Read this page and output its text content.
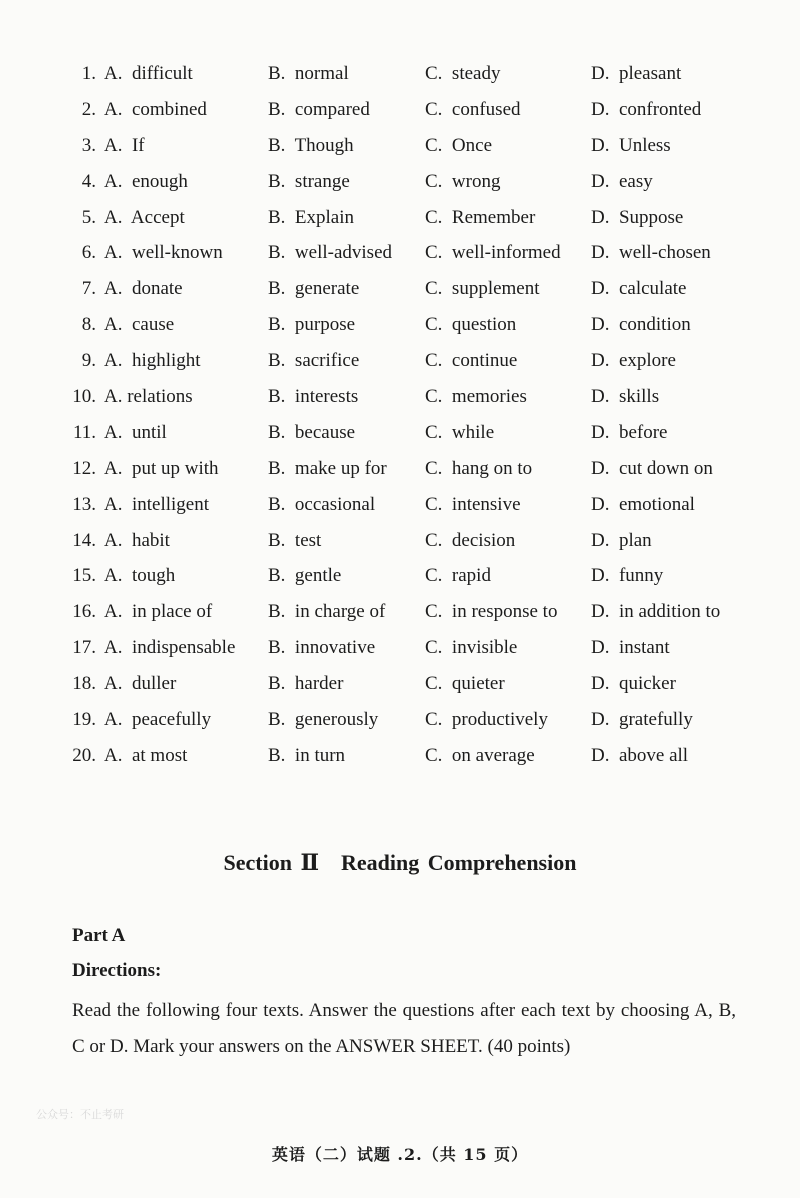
1. A.  difficult	B.  normal	C.  steady	D.  pleasant
2. A.  combined	B.  compared	C.  confused	D.  confronted
3. A.  If	B.  Though	C.  Once	D.  Unless
4. A.  enough	B.  strange	C.  wrong	D.  easy
5. A.  Accept	B.  Explain	C.  Remember	D.  Suppose
6. A.  well-known B.  well-advised C.  well-informed D.  well-chosen
7. A.  donate	B.  generate	C.  supplement	D.  calculate
8. A.  cause	B.  purpose	C.  question	D.  condition
9. A.  highlight	B.  sacrifice	C.  continue	D.  explore
10. A. relations	B.  interests	C.  memories	D.  skills
11. A.  until	B.  because	C.  while	D.  before
12. A.  put up with	B.  make up for C.  hang on to	D.  cut down on
13. A.  intelligent	B.  occasional	C.  intensive	D.  emotional
14. A.  habit	B.  test	C.  decision	D.  plan
15. A.  tough	B.  gentle	C.  rapid	D.  funny
16. A.  in place of	B.  in charge of C.  in response to D.  in addition to
17. A.  indispensable B.  innovative	C.  invisible	D.  instant
18. A.  duller	B.  harder	C.  quieter	D.  quicker
19. A.  peacefully	B.  generously C.  productively D.  gratefully
20. A.  at most	B.  in turn	C.  on average	D.  above all
Section Ⅱ Reading Comprehension
Part A
Directions:
Read the following four texts. Answer the questions after each text by choosing A, B, C or D. Mark your answers on the ANSWER SHEET. (40 points)
公众号：不止考研
英语（二）试题 .2.（共 15 页）
